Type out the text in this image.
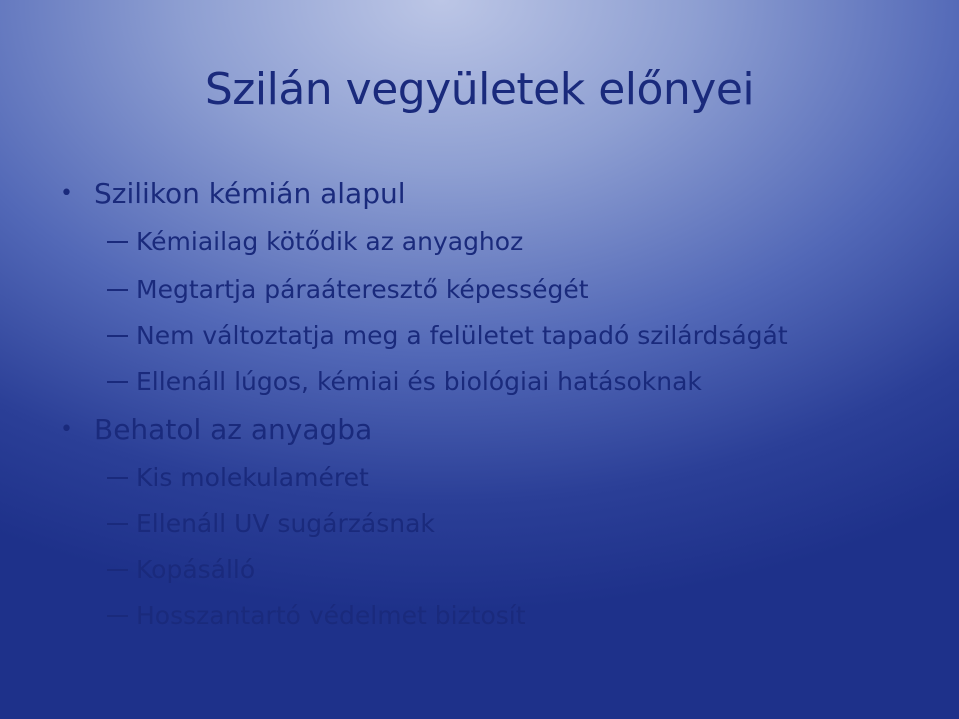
Szilán vegyületek előnyei
• Szilikon kémián alapul
Kémiailag kötődik az anyaghoz
Megtartja páraáteresztő képességét
Nem változtatja meg a felületet tapadó szilárdságát
Ellenáll lúgos, kémiai és biológiai hatásoknak
• Behatol az anyagba
Kis molekulaméret
Ellenáll UV sugárzásnak
Kopásálló
Hosszantartó védelmet biztosít
